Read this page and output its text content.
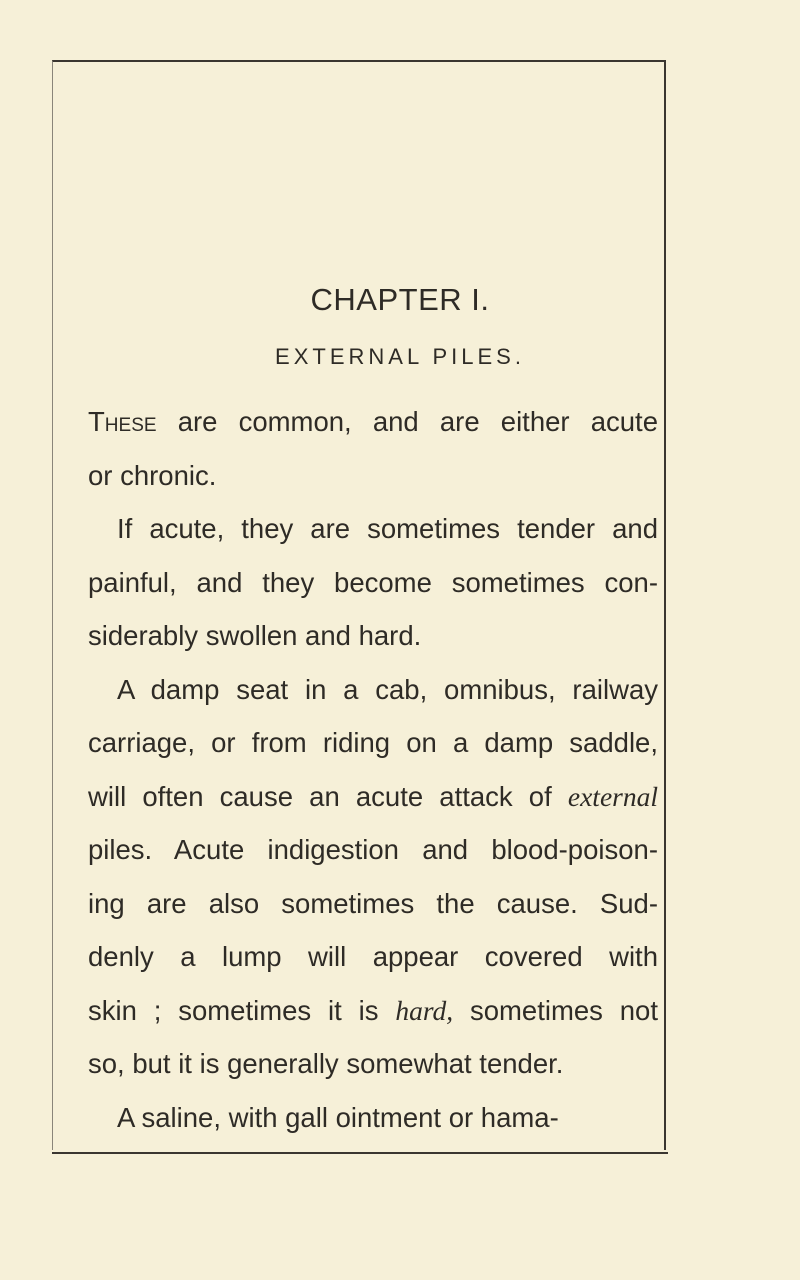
CHAPTER I.
EXTERNAL PILES.
These are common, and are either acute
or chronic.
If acute, they are sometimes tender and
painful, and they become sometimes con-
siderably swollen and hard.
A damp seat in a cab, omnibus, railway
carriage, or from riding on a damp saddle,
will often cause an acute attack of external
piles. Acute indigestion and blood-poison-
ing are also sometimes the cause. Sud-
denly a lump will appear covered with
skin ; sometimes it is hard, sometimes not
so, but it is generally somewhat tender.
A saline, with gall ointment or hama-
